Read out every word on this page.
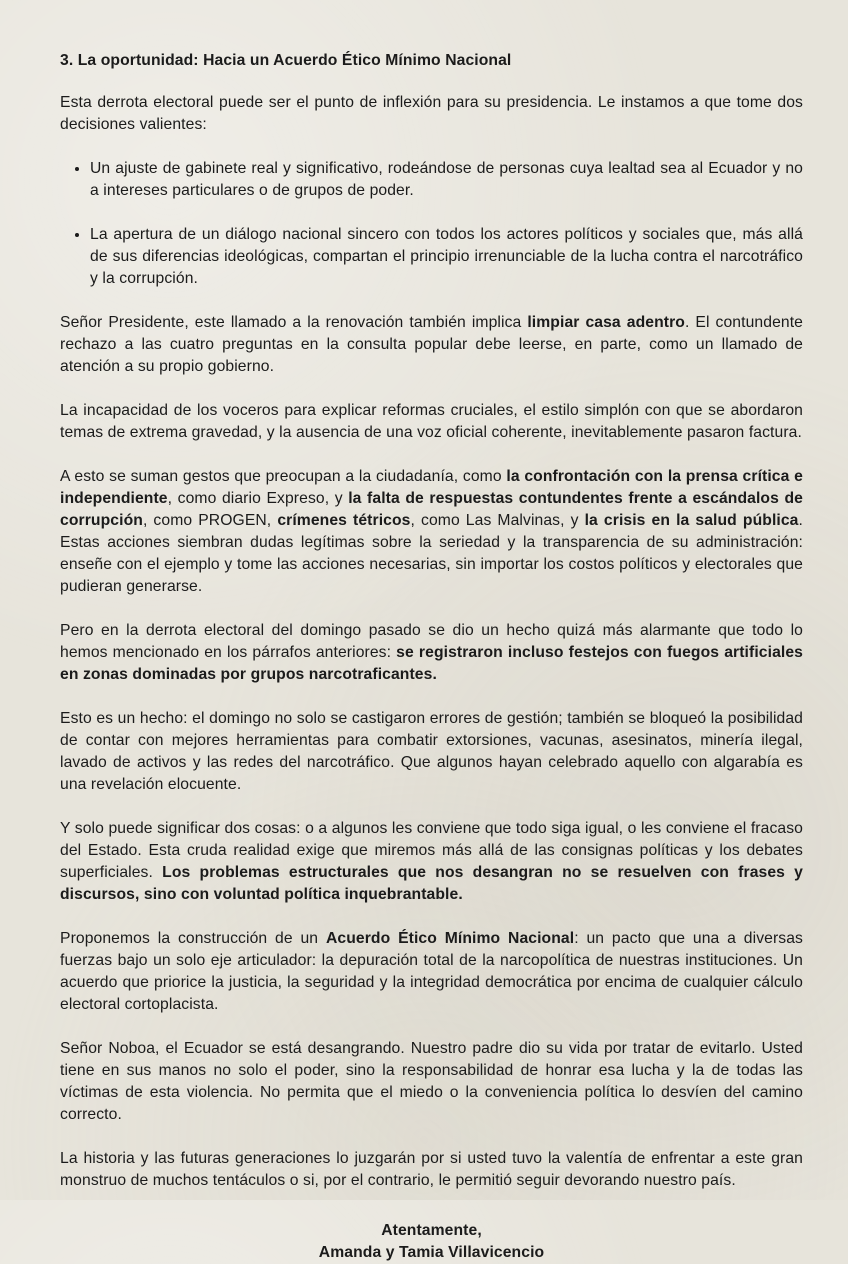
3. La oportunidad: Hacia un Acuerdo Ético Mínimo Nacional

Esta derrota electoral puede ser el punto de inflexión para su presidencia. Le instamos a que tome dos decisiones valientes:

• Un ajuste de gabinete real y significativo, rodeándose de personas cuya lealtad sea al Ecuador y no a intereses particulares o de grupos de poder.
• La apertura de un diálogo nacional sincero con todos los actores políticos y sociales que, más allá de sus diferencias ideológicas, compartan el principio irrenunciable de la lucha contra el narcotráfico y la corrupción.

Señor Presidente, este llamado a la renovación también implica limpiar casa adentro. El contundente rechazo a las cuatro preguntas en la consulta popular debe leerse, en parte, como un llamado de atención a su propio gobierno.

La incapacidad de los voceros para explicar reformas cruciales, el estilo simplón con que se abordaron temas de extrema gravedad, y la ausencia de una voz oficial coherente, inevitablemente pasaron factura.

A esto se suman gestos que preocupan a la ciudadanía, como la confrontación con la prensa crítica e independiente, como diario Expreso, y la falta de respuestas contundentes frente a escándalos de corrupción, como PROGEN, crímenes tétricos, como Las Malvinas, y la crisis en la salud pública. Estas acciones siembran dudas legítimas sobre la seriedad y la transparencia de su administración: enseñe con el ejemplo y tome las acciones necesarias, sin importar los costos políticos y electorales que pudieran generarse.

Pero en la derrota electoral del domingo pasado se dio un hecho quizá más alarmante que todo lo hemos mencionado en los párrafos anteriores: se registraron incluso festejos con fuegos artificiales en zonas dominadas por grupos narcotraficantes.

Esto es un hecho: el domingo no solo se castigaron errores de gestión; también se bloqueó la posibilidad de contar con mejores herramientas para combatir extorsiones, vacunas, asesinatos, minería ilegal, lavado de activos y las redes del narcotráfico. Que algunos hayan celebrado aquello con algarabía es una revelación elocuente.

Y solo puede significar dos cosas: o a algunos les conviene que todo siga igual, o les conviene el fracaso del Estado. Esta cruda realidad exige que miremos más allá de las consignas políticas y los debates superficiales. Los problemas estructurales que nos desangran no se resuelven con frases y discursos, sino con voluntad política inquebrantable.

Proponemos la construcción de un Acuerdo Ético Mínimo Nacional: un pacto que una a diversas fuerzas bajo un solo eje articulador: la depuración total de la narcopolítica de nuestras instituciones. Un acuerdo que priorice la justicia, la seguridad y la integridad democrática por encima de cualquier cálculo electoral cortoplacista.

Señor Noboa, el Ecuador se está desangrando. Nuestro padre dio su vida por tratar de evitarlo. Usted tiene en sus manos no solo el poder, sino la responsabilidad de honrar esa lucha y la de todas las víctimas de esta violencia. No permita que el miedo o la conveniencia política lo desvíen del camino correcto.

La historia y las futuras generaciones lo juzgarán por si usted tuvo la valentía de enfrentar a este gran monstruo de muchos tentáculos o si, por el contrario, le permitió seguir devorando nuestro país.

Atentamente,
Amanda y Tamia Villavicencio
